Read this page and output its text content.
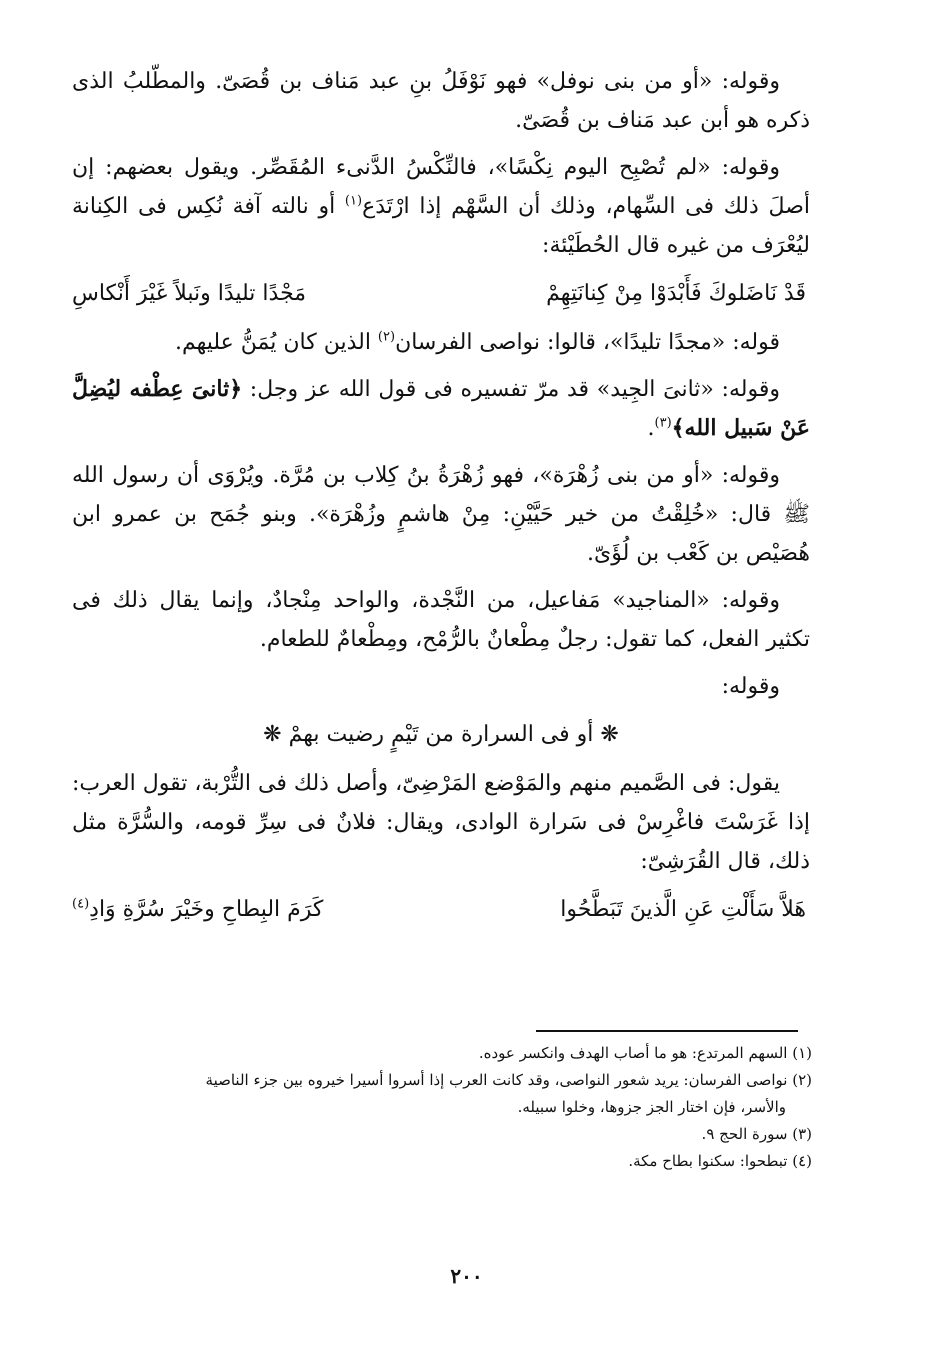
وقوله: «أو من بنى نوفل» فهو نَوْفَلُ بنِ عبد مَناف بن قُصَىّ. والمطّلبُ الذى ذكره هو أبن عبد مَناف بن قُصَىّ.

وقوله: «لم تُصْبِح اليوم نِكْسًا»، فالنِّكْسُ الدَّنىء المُقَصِّر. ويقول بعضهم: إن أصلَ ذلك فى السِّهام، وذلك أن السَّهْم إذا ارْتَدَع$^{(١)}$ أو نالته آفة نُكِس فى الكِنانة ليُعْرَف من غيره قال الحُطَيْئة:

قَدْ نَاضَلوكَ فَأَبْدَوْا مِنْ كِنانَتِهِمْ
مَجْدًا تليدًا ونَبلاً غَيْرَ أَنْكاسِ

قوله: «مجدًا تليدًا»، قالوا: نواصى الفرسان$^{(٢)}$ الذين كان يُمَنُّ عليهم.

وقوله: «ثانىَ الجِيد» قد مرّ تفسيره فى قول الله عز وجل: ﴿ثانىَ عِطْفه ليُضِلَّ عَنْ سَبيل الله﴾$^{(٣)}$.

وقوله: «أو من بنى زُهْرَة»، فهو زُهْرَةُ بنُ كِلاب بن مُرَّة. ويُرْوَى أن رسول الله ﷺ قال: «خُلِقْتُ من خير حَيَّيْنِ: مِنْ هاشمٍ وزُهْرَة». وبنو جُمَح بن عمرو ابن هُصَيْص بن كَعْب بن لُؤَىّ.

وقوله: «المناجيد» مَفاعيل، من النَّجْدة، والواحد مِنْجادٌ، وإنما يقال ذلك فى تكثير الفعل، كما تقول: رجلٌ مِطْعانٌ بالرُّمْح، ومِطْعامٌ للطعام.

وقوله:

❋ أو فى السرارة من تَيْمٍ رضيت بهمْ ❋

يقول: فى الصَّميم منهم والمَوْضع المَرْضِىّ، وأصل ذلك فى التُّرْبة، تقول العرب: إذا غَرَسْتَ فاغْرِسْ فى سَرارة الوادى، ويقال: فلانٌ فى سِرِّ قومه، والسُّرَّة مثل ذلك، قال القُرَشِىّ:

هَلاَّ سَأَلْتِ عَنِ الَّذينَ تَبَطَّحُوا
كَرَمَ البِطاحِ وخَيْرَ سُرَّةِ وَادِ$^{(٤)}$

(١) السهم المرتدع: هو ما أصاب الهدف وانكسر عوده.

(٢) نواصى الفرسان: يريد شعور النواصى، وقد كانت العرب إذا أسروا أسيرا خيروه بين جزء الناصية

والأسر، فإن اختار الجز جزوها، وخلوا سبيله.

(٣) سورة الحج ٩.

(٤) تبطحوا: سكنوا بطاح مكة.

٢٠٠
